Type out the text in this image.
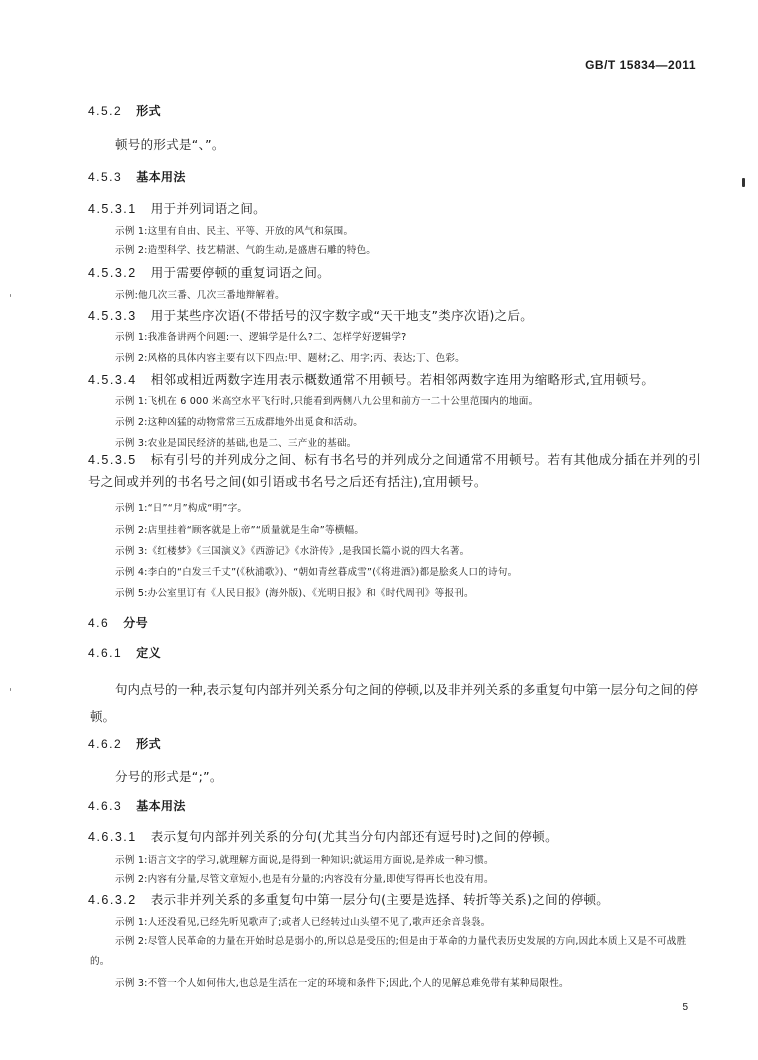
GB/T 15834—2011
4.5.2 形式
顿号的形式是“、”。
4.5.3 基本用法
4.5.3.1 用于并列词语之间。
示例 1:这里有自由、民主、平等、开放的风气和氛围。
示例 2:造型科学、技艺精湛、气韵生动,是盛唐石雕的特色。
4.5.3.2 用于需要停顿的重复词语之间。
示例:他几次三番、几次三番地辩解着。
4.5.3.3 用于某些序次语(不带括号的汉字数字或“天干地支”类序次语)之后。
示例 1:我准备讲两个问题:一、逻辑学是什么?二、怎样学好逻辑学?
示例 2:风格的具体内容主要有以下四点:甲、题材;乙、用字;丙、表达;丁、色彩。
4.5.3.4 相邻或相近两数字连用表示概数通常不用顿号。若相邻两数字连用为缩略形式,宜用顿号。
示例 1:飞机在 6 000 米高空水平飞行时,只能看到两侧八九公里和前方一二十公里范围内的地面。
示例 2:这种凶猛的动物常常三五成群地外出觅食和活动。
示例 3:农业是国民经济的基础,也是二、三产业的基础。
4.5.3.5 标有引号的并列成分之间、标有书名号的并列成分之间通常不用顿号。若有其他成分插在并列的引号之间或并列的书名号之间(如引语或书名号之后还有括注),宜用顿号。
示例 1:“日”“月”构成“明”字。
示例 2:店里挂着“顾客就是上帝”“质量就是生命”等横幅。
示例 3:《红楼梦》《三国演义》《西游记》《水浒传》,是我国长篇小说的四大名著。
示例 4:李白的“白发三千丈”(《秋浦歌》)、“朝如青丝暮成雪”(《将进酒》)都是脍炙人口的诗句。
示例 5:办公室里订有《人民日报》(海外版)、《光明日报》和《时代周刊》等报刊。
4.6 分号
4.6.1 定义
句内点号的一种,表示复句内部并列关系分句之间的停顿,以及非并列关系的多重复句中第一层分句之间的停顿。
4.6.2 形式
分号的形式是“;”。
4.6.3 基本用法
4.6.3.1 表示复句内部并列关系的分句(尤其当分句内部还有逗号时)之间的停顿。
示例 1:语言文字的学习,就理解方面说,是得到一种知识;就运用方面说,是养成一种习惯。
示例 2:内容有分量,尽管文章短小,也是有分量的;内容没有分量,即使写得再长也没有用。
4.6.3.2 表示非并列关系的多重复句中第一层分句(主要是选择、转折等关系)之间的停顿。
示例 1:人还没看见,已经先听见歌声了;或者人已经转过山头望不见了,歌声还余音袅袅。
示例 2:尽管人民革命的力量在开始时总是弱小的,所以总是受压的;但是由于革命的力量代表历史发展的方向,因此本质上又是不可战胜的。
示例 3:不管一个人如何伟大,也总是生活在一定的环境和条件下;因此,个人的见解总难免带有某种局限性。
5
